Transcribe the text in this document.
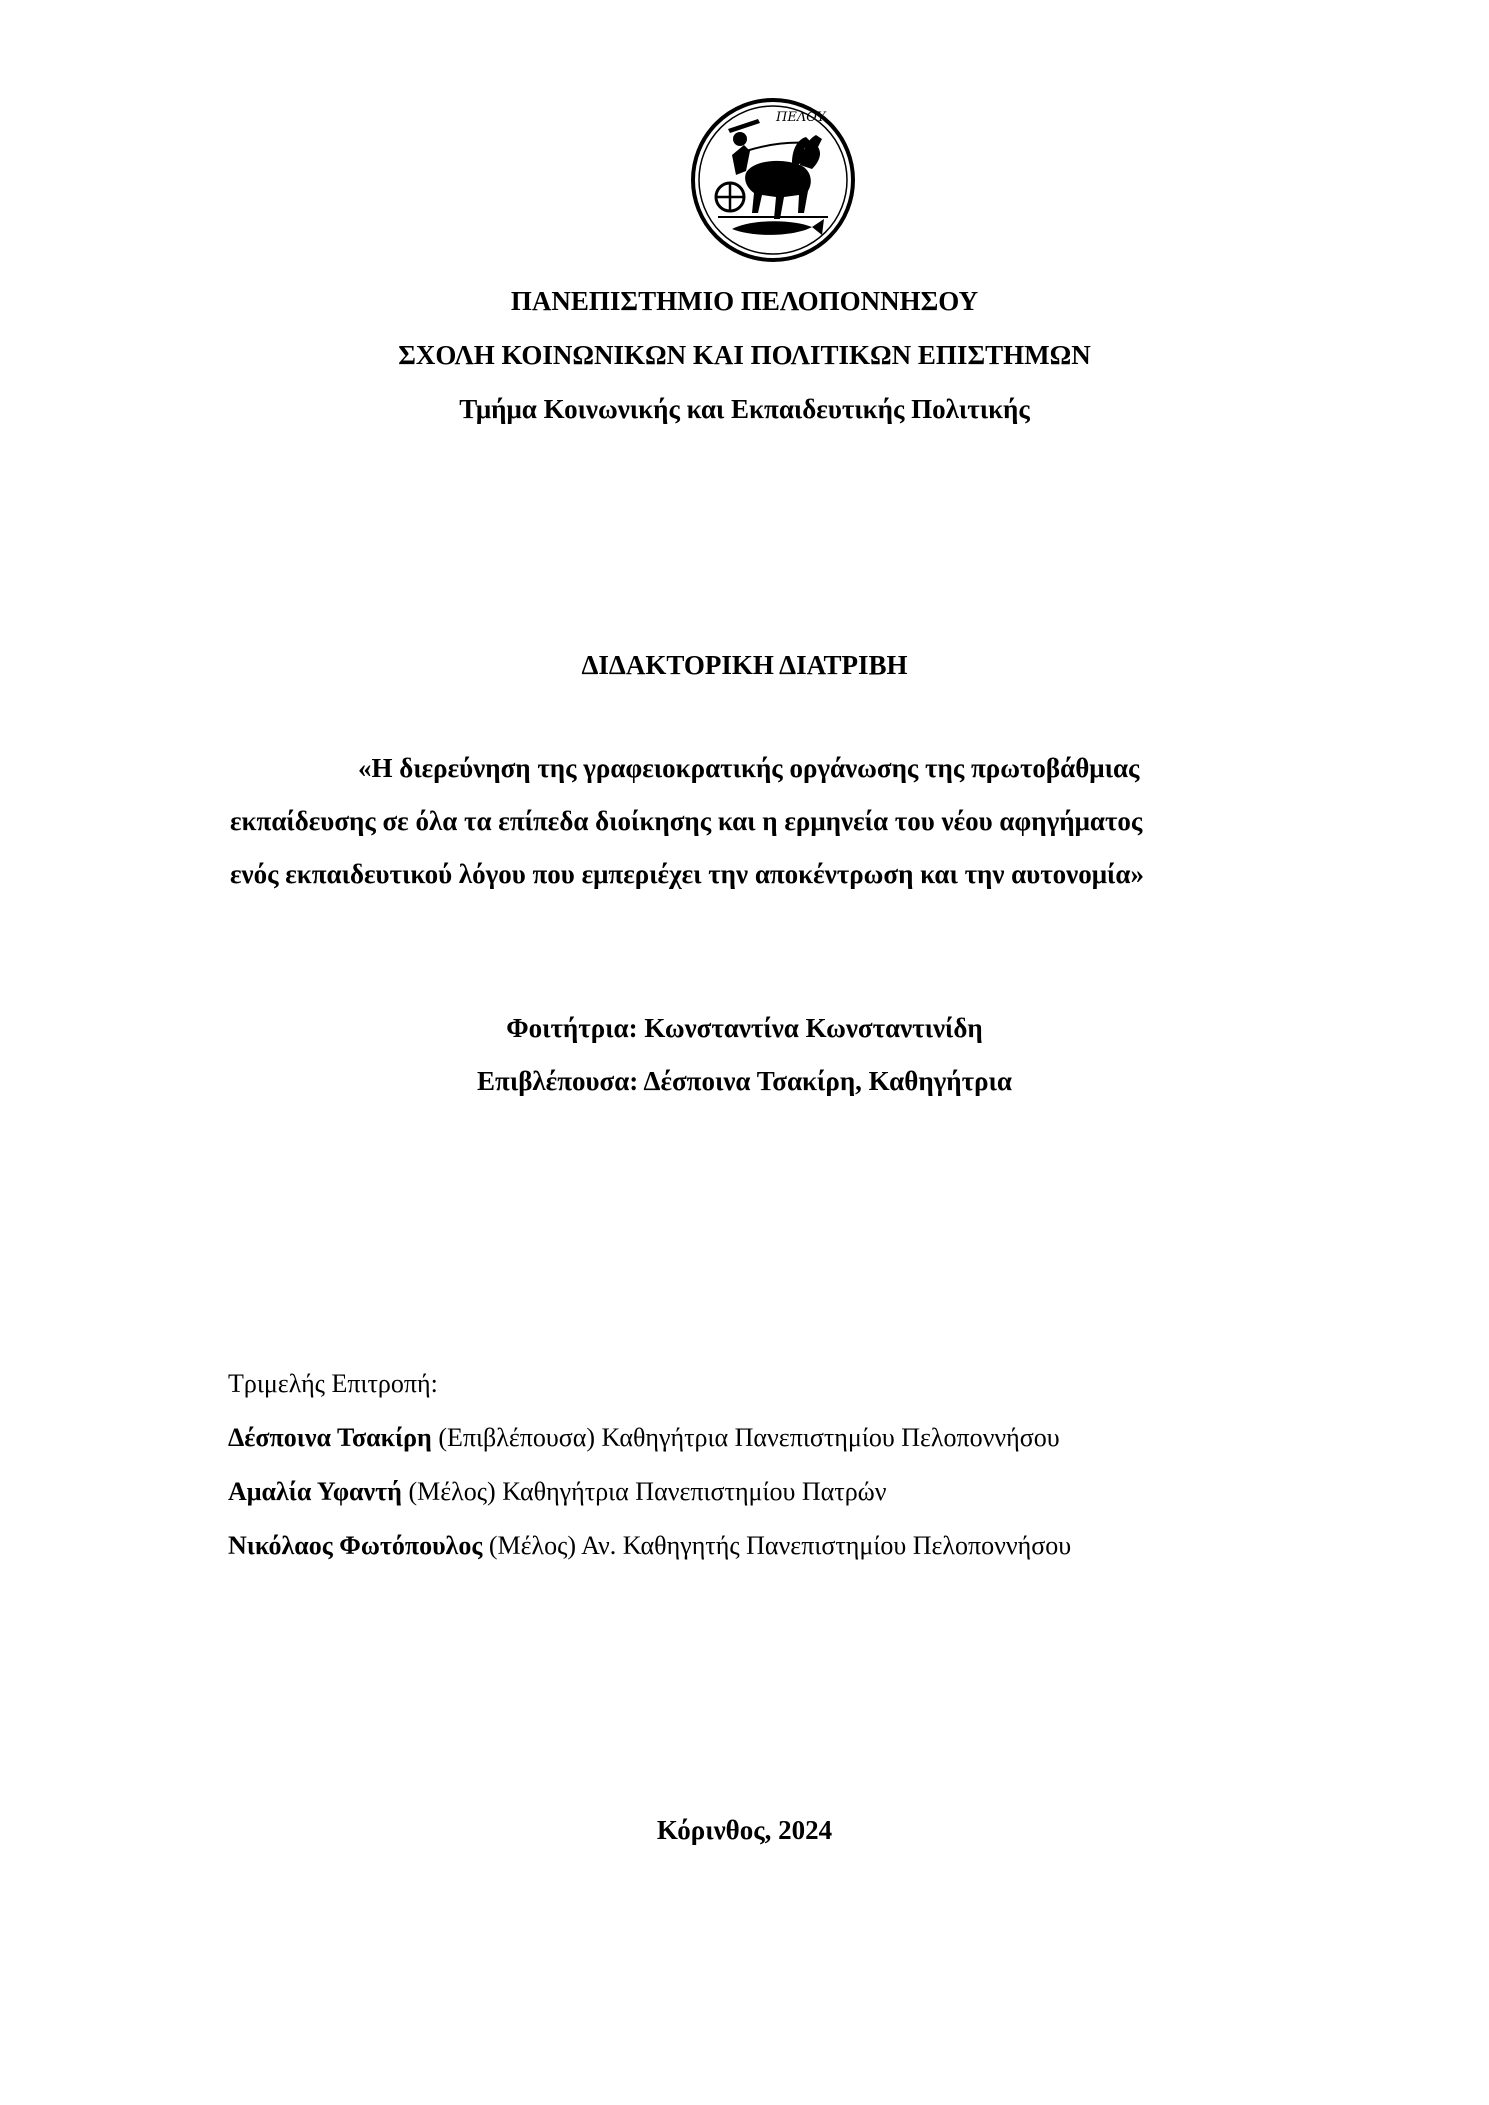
ΠΕΛΟΥ
ΠΑΝΕΠΙΣΤΗΜΙΟ ΠΕΛΟΠΟΝΝΗΣΟΥ
ΣΧΟΛΗ ΚΟΙΝΩΝΙΚΩΝ ΚΑΙ ΠΟΛΙΤΙΚΩΝ ΕΠΙΣΤΗΜΩΝ
Τμήμα Κοινωνικής και Εκπαιδευτικής Πολιτικής
ΔΙΔΑΚΤΟΡΙΚΗ ΔΙΑΤΡΙΒΗ
«Η διερεύνηση της γραφειοκρατικής οργάνωσης της πρωτοβάθμιας
εκπαίδευσης σε όλα τα επίπεδα διοίκησης και η ερμηνεία του νέου αφηγήματος
ενός εκπαιδευτικού λόγου που εμπεριέχει την αποκέντρωση και την αυτονομία»
Φοιτήτρια: Κωνσταντίνα Κωνσταντινίδη
Επιβλέπουσα: Δέσποινα Τσακίρη, Καθηγήτρια
Τριμελής Επιτροπή:
Δέσποινα Τσακίρη (Επιβλέπουσα) Καθηγήτρια Πανεπιστημίου Πελοποννήσου
Αμαλία Υφαντή (Μέλος) Καθηγήτρια Πανεπιστημίου Πατρών
Νικόλαος Φωτόπουλος (Μέλος) Αν. Καθηγητής Πανεπιστημίου Πελοποννήσου
Κόρινθος, 2024
